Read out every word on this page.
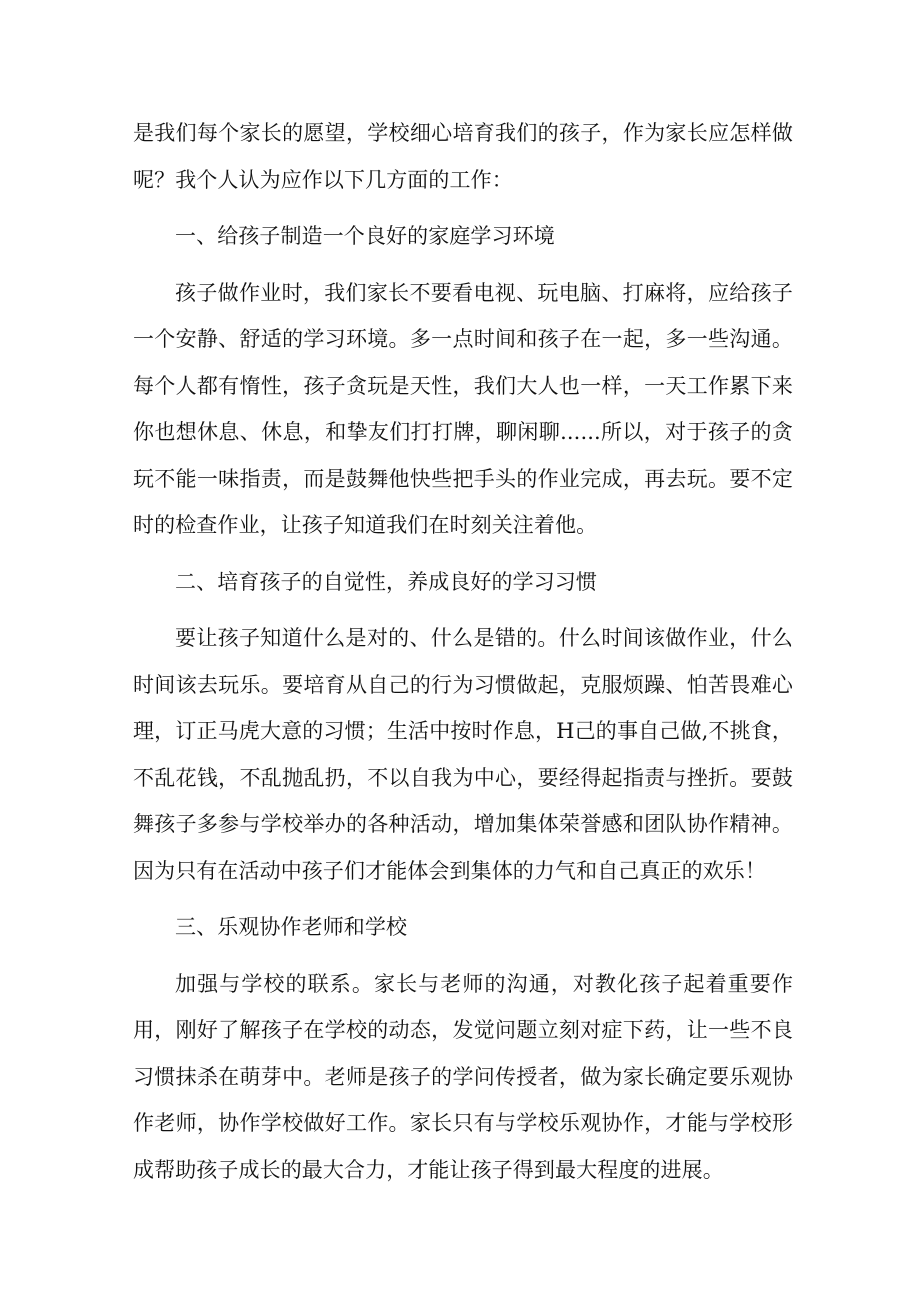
是我们每个家长的愿望，学校细心培育我们的孩子，作为家长应怎样做呢？我个人认为应作以下几方面的工作：

一、给孩子制造一个良好的家庭学习环境

孩子做作业时，我们家长不要看电视、玩电脑、打麻将，应给孩子一个安静、舒适的学习环境。多一点时间和孩子在一起，多一些沟通。每个人都有惰性，孩子贪玩是天性，我们大人也一样，一天工作累下来你也想休息、休息，和挚友们打打牌，聊闲聊......所以，对于孩子的贪玩不能一味指责，而是鼓舞他快些把手头的作业完成，再去玩。要不定时的检查作业，让孩子知道我们在时刻关注着他。

二、培育孩子的自觉性，养成良好的学习习惯

要让孩子知道什么是对的、什么是错的。什么时间该做作业，什么时间该去玩乐。要培育从自己的行为习惯做起，克服烦躁、怕苦畏难心理，订正马虎大意的习惯；生活中按时作息，H己的事自己做,不挑食，不乱花钱，不乱抛乱扔，不以自我为中心，要经得起指责与挫折。要鼓舞孩子多参与学校举办的各种活动，增加集体荣誉感和团队协作精神。因为只有在活动中孩子们才能体会到集体的力气和自己真正的欢乐！

三、乐观协作老师和学校

加强与学校的联系。家长与老师的沟通，对教化孩子起着重要作用，刚好了解孩子在学校的动态，发觉问题立刻对症下药，让一些不良习惯抹杀在萌芽中。老师是孩子的学问传授者，做为家长确定要乐观协作老师，协作学校做好工作。家长只有与学校乐观协作，才能与学校形成帮助孩子成长的最大合力，才能让孩子得到最大程度的进展。
